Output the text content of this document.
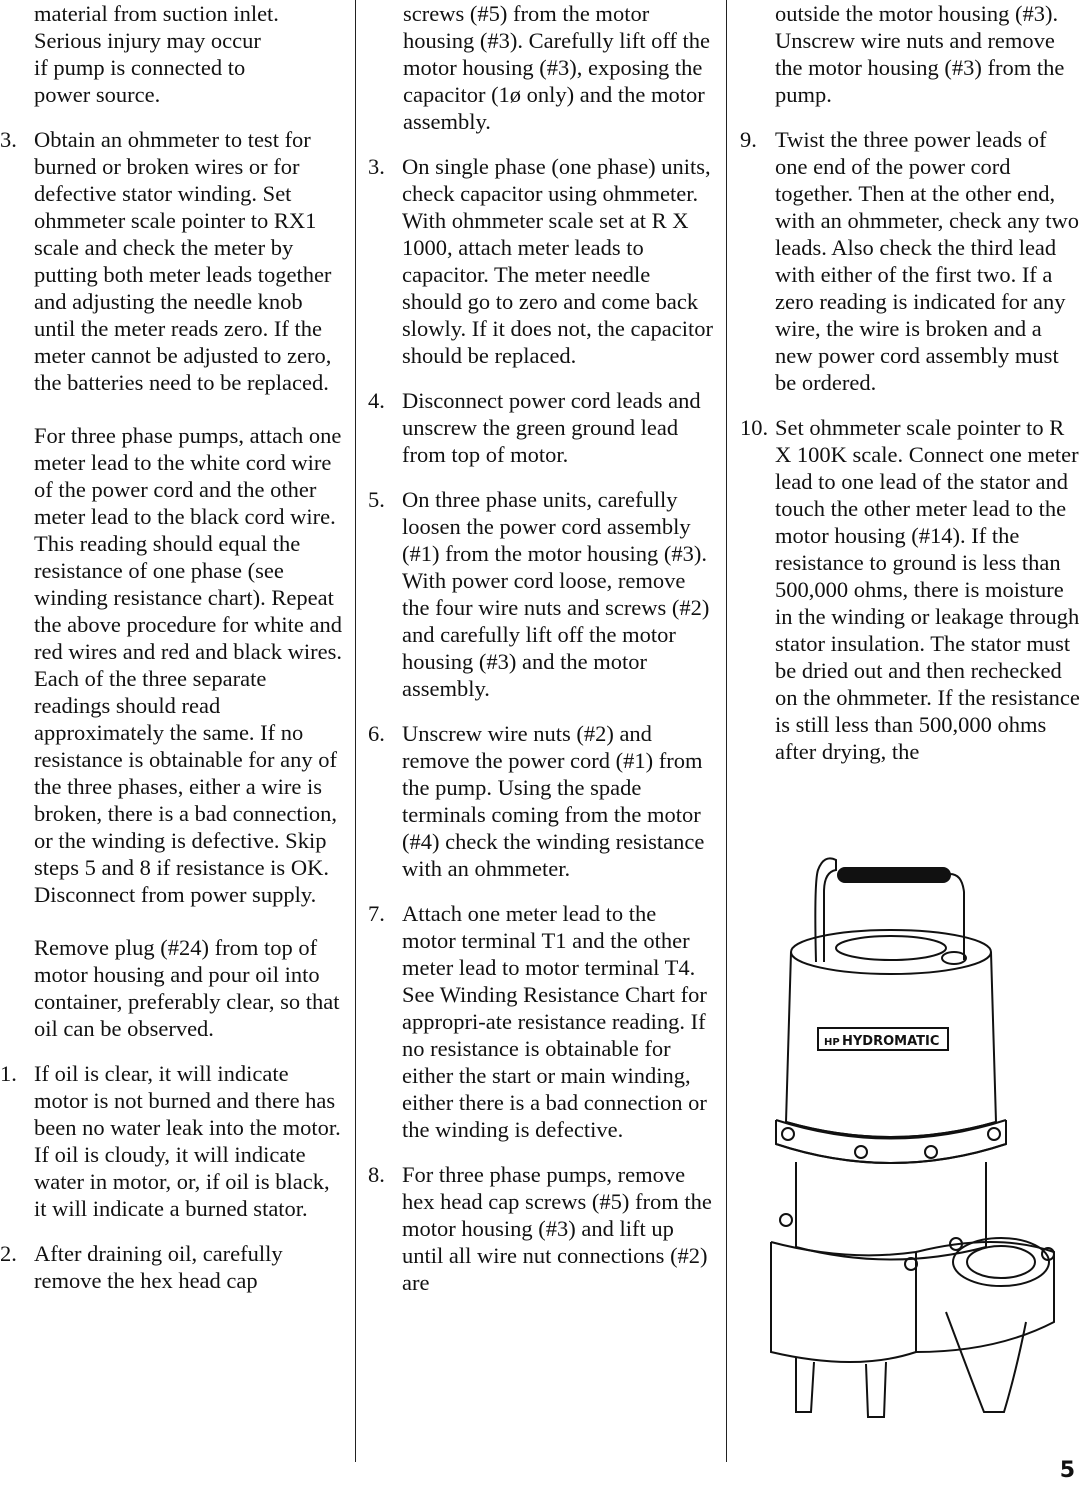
material from suction inlet.
Serious injury may occur
if pump is connected to
power source.
3. Obtain an ohmmeter to test for burned or broken wires or for defective stator winding. Set ohmmeter scale pointer to RX1 scale and check the meter by putting both meter leads together and adjusting the needle knob until the meter reads zero. If the meter cannot be adjusted to zero, the batteries need to be replaced.
For three phase pumps, attach one meter lead to the white cord wire of the power cord and the other meter lead to the black cord wire. This reading should equal the resistance of one phase (see winding resistance chart). Repeat the above procedure for white and red wires and red and black wires. Each of the three separate readings should read approximately the same. If no resistance is obtainable for any of the three phases, either a wire is broken, there is a bad connection, or the winding is defective. Skip steps 5 and 8 if resistance is OK. Disconnect from power supply.
Remove plug (#24) from top of motor housing and pour oil into container, preferably clear, so that oil can be observed.
1. If oil is clear, it will indicate motor is not burned and there has been no water leak into the motor. If oil is cloudy, it will indicate water in motor, or, if oil is black, it will indicate a burned stator.
2. After draining oil, carefully remove the hex head cap
screws (#5) from the motor housing (#3). Carefully lift off the motor housing (#3), exposing the capacitor (1ø only) and the motor assembly.
3. On single phase (one phase) units, check capacitor using ohmmeter. With ohmmeter scale set at R X 1000, attach meter leads to capacitor. The meter needle should go to zero and come back slowly. If it does not, the capacitor should be replaced.
4. Disconnect power cord leads and unscrew the green ground lead from top of motor.
5. On three phase units, carefully loosen the power cord assembly (#1) from the motor housing (#3). With power cord loose, remove the four wire nuts and screws (#2) and carefully lift off the motor housing (#3) and the motor assembly.
6. Unscrew wire nuts (#2) and remove the power cord (#1) from the pump. Using the spade terminals coming from the motor (#4) check the winding resistance with an ohmmeter.
7. Attach one meter lead to the motor terminal T1 and the other meter lead to motor terminal T4. See Winding Resistance Chart for appropri-ate resistance reading. If no resistance is obtainable for either the start or main winding, either there is a bad connection or the winding is defective.
8. For three phase pumps, remove hex head cap screws (#5) from the motor housing (#3) and lift up until all wire nut connections (#2) are
outside the motor housing (#3). Unscrew wire nuts and remove the motor housing (#3) from the pump.
9. Twist the three power leads of one end of the power cord together. Then at the other end, with an ohmmeter, check any two leads. Also check the third lead with either of the first two. If a zero reading is indicated for any wire, the wire is broken and a new power cord assembly must be ordered.
10. Set ohmmeter scale pointer to R X 100K scale. Connect one meter lead to one lead of the stator and touch the other meter lead to the motor housing (#14). If the resistance to ground is less than 500,000 ohms, there is moisture in the winding or leakage through stator insulation. The stator must be dried out and then rechecked on the ohmmeter. If the resistance is still less than 500,000 ohms after drying, the
HP HYDROMATIC
5
